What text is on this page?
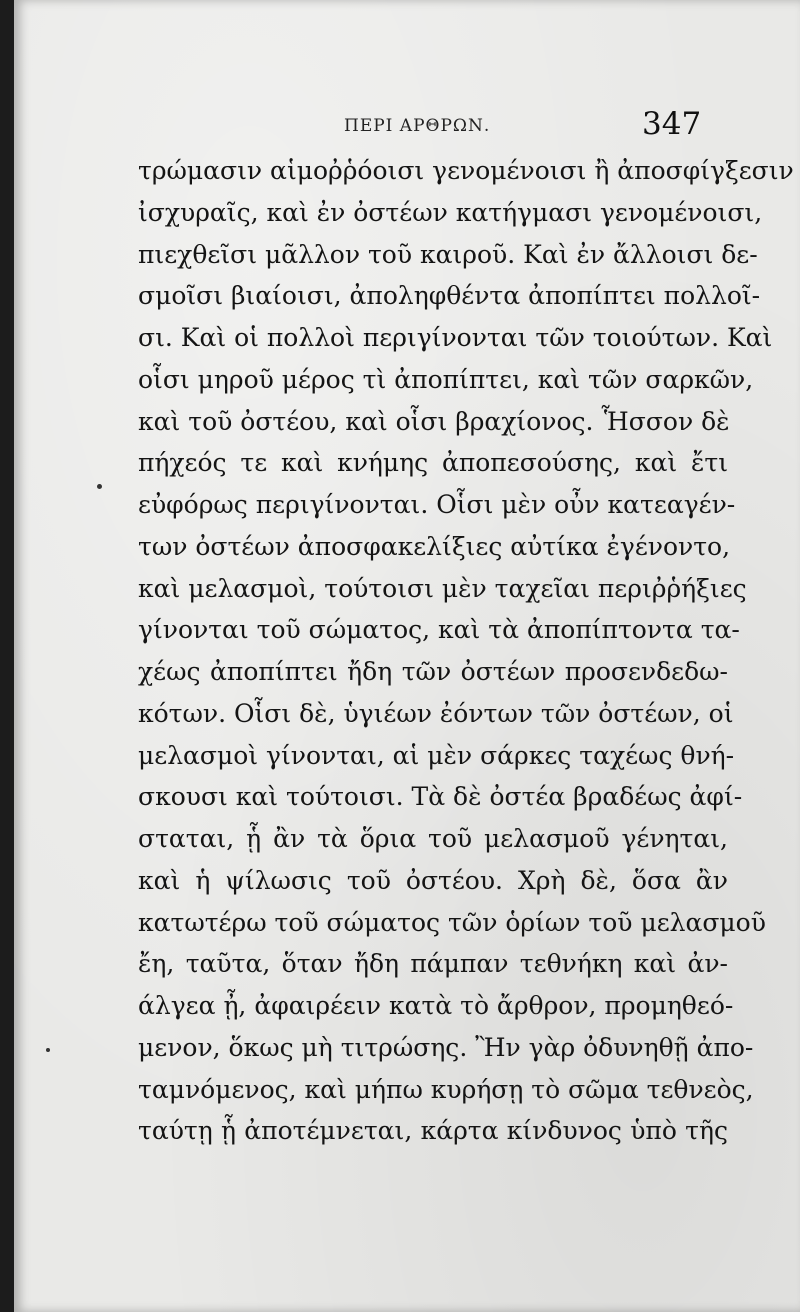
ΠΕΡΙ ΑΡΘΡΩΝ.	347
τρώμασιν αἱμοῤῥόοισι γενομένοισι ἢ ἀποσφίγξεσιν
ἰσχυραῖς, καὶ ἐν ὀστέων κατήγμασι γενομένοισι,
πιεχθεῖσι μᾶλλον τοῦ καιροῦ. Καὶ ἐν ἄλλοισι δε-
σμοῖσι βιαίοισι, ἀποληφθέντα ἀποπίπτει πολλοῖ-
σι. Καὶ οἱ πολλοὶ περιγίνονται τῶν τοιούτων. Καὶ
οἷσι μηροῦ μέρος τὶ ἀποπίπτει, καὶ τῶν σαρκῶν,
καὶ τοῦ ὀστέου, καὶ οἷσι βραχίονος. Ἧσσον δὲ
πήχεός τε καὶ κνήμης ἀποπεσούσης, καὶ ἔτι
εὐφόρως περιγίνονται. Οἷσι μὲν οὖν κατεαγέν-
των ὀστέων ἀποσφακελίξιες αὐτίκα ἐγένοντο,
καὶ μελασμοὶ, τούτοισι μὲν ταχεῖαι περιῤῥήξιες
γίνονται τοῦ σώματος, καὶ τὰ ἀποπίπτοντα τα-
χέως ἀποπίπτει ἤδη τῶν ὀστέων προσενδεδω-
κότων. Οἷσι δὲ, ὑγιέων ἐόντων τῶν ὀστέων, οἱ
μελασμοὶ γίνονται, αἱ μὲν σάρκες ταχέως θνή-
σκουσι καὶ τούτοισι. Τὰ δὲ ὀστέα βραδέως ἀφί-
σταται, ᾗ ἂν τὰ ὅρια τοῦ μελασμοῦ γένηται,
καὶ ἡ ψίλωσις τοῦ ὀστέου. Χρὴ δὲ, ὅσα ἂν
κατωτέρω τοῦ σώματος τῶν ὁρίων τοῦ μελασμοῦ
ἔη, ταῦτα, ὅταν ἤδη πάμπαν τεθνήκη καὶ ἀν-
άλγεα ᾖ, ἀφαιρέειν κατὰ τὸ ἄρθρον, προμηθεό-
μενον, ὅκως μὴ τιτρώσης. Ἢν γὰρ ὀδυνηθῇ ἀπο-
ταμνόμενος, καὶ μήπω κυρήσῃ τὸ σῶμα τεθνεὸς,
ταύτῃ ᾗ ἀποτέμνεται, κάρτα κίνδυνος ὑπὸ τῆς
